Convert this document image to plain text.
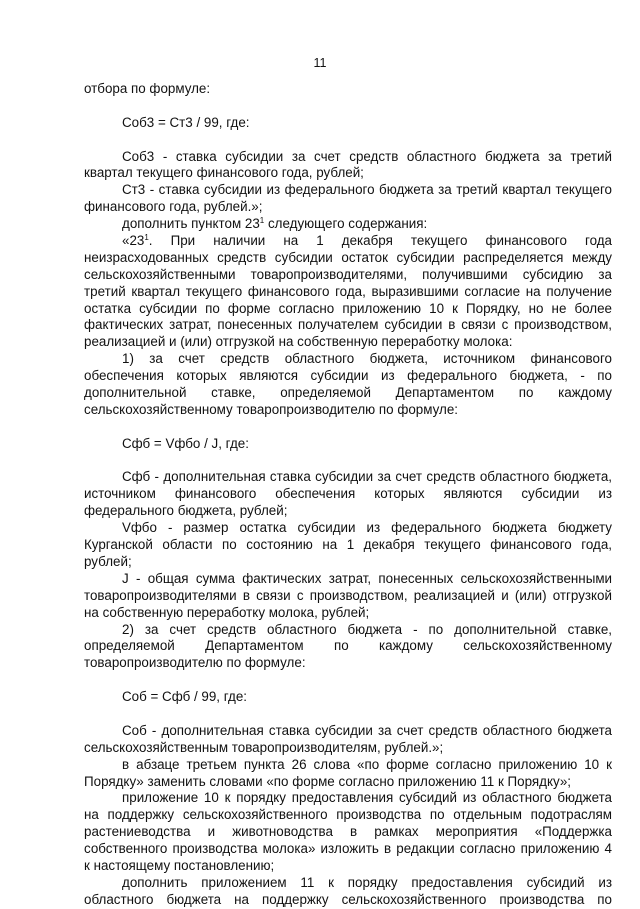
11
отбора по формуле:

Соб3 = Ст3 / 99, где:

Соб3 - ставка субсидии за счет средств областного бюджета за третий
квартал текущего финансового года, рублей;
Ст3 - ставка субсидии из федерального бюджета за третий квартал текущего
финансового года, рублей.»;
дополнить пунктом $23^1$ следующего содержания:
«$23^1$. При наличии на 1 декабря текущего финансового года
неизрасходованных средств субсидии остаток субсидии распределяется между
сельскохозяйственными товаропроизводителями, получившими субсидию за
третий квартал текущего финансового года, выразившими согласие на получение
остатка субсидии по форме согласно приложению 10 к Порядку, но не более
фактических затрат, понесенных получателем субсидии в связи с производством,
реализацией и (или) отгрузкой на собственную переработку молока:
1) за счет средств областного бюджета, источником финансового
обеспечения которых являются субсидии из федерального бюджета, - по
дополнительной ставке, определяемой Департаментом по каждому
сельскохозяйственному товаропроизводителю по формуле:

Сфб = Vфбо / J, где:

Сфб - дополнительная ставка субсидии за счет средств областного бюджета,
источником финансового обеспечения которых являются субсидии из
федерального бюджета, рублей;
Vфбо - размер остатка субсидии из федерального бюджета бюджету
Курганской области по состоянию на 1 декабря текущего финансового года,
рублей;
J - общая сумма фактических затрат, понесенных сельскохозяйственными
товаропроизводителями в связи с производством, реализацией и (или) отгрузкой
на собственную переработку молока, рублей;
2) за счет средств областного бюджета - по дополнительной ставке,
определяемой Департаментом по каждому сельскохозяйственному
товаропроизводителю по формуле:

Соб = Сфб / 99, где:

Соб - дополнительная ставка субсидии за счет средств областного бюджета
сельскохозяйственным товаропроизводителям, рублей.»;
в абзаце третьем пункта 26 слова «по форме согласно приложению 10 к
Порядку» заменить словами «по форме согласно приложению 11 к Порядку»;
приложение 10 к порядку предоставления субсидий из областного бюджета
на поддержку сельскохозяйственного производства по отдельным подотраслям
растениеводства и животноводства в рамках мероприятия «Поддержка
собственного производства молока» изложить в редакции согласно приложению 4
к настоящему постановлению;
дополнить приложением 11 к порядку предоставления субсидий из
областного бюджета на поддержку сельскохозяйственного производства по
